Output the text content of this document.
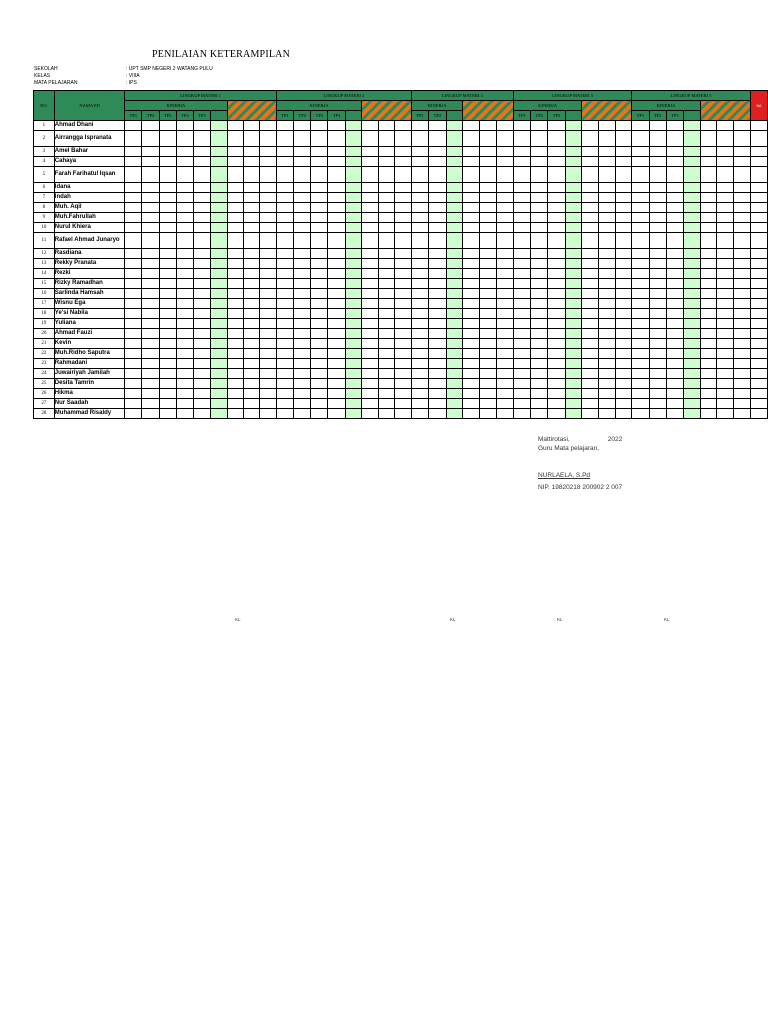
PENILAIAN KETERAMPILAN
SEKOLAH	: UPT SMP NEGERI 2 WATANG PULU
KELAS	: VIIIA
MATA PELAJARAN	: IPS
NO.	NAMA PD	LINGKUP MATERI 1									LINGKUP MATERI 2								LINGKUP MATERI 3						LINGKUP MATERI 5							LINGKUP MATERI 5							NA
		KINERJA									KINERJA								KINERJA						KINERJA							KINERJA							
		TP1	TP2	TP3	TP4	TP5					TP1	TP2	TP3	TP4					TP1	TP2					TP1	TP2	TP3					TP1	TP2	TP3					
1	Ahmad Dhani																																						
2	Airrangga Ispranata																																						
3	Amel Bahar																																						
4	Cahaya																																						
5	Farah Farihatul Iqsan																																						
6	Idana																																						
7	Indah																																						
8	Muh. Aqil																																						
9	Muh.Fahrullah																																						
10	Nurul Khiera																																						
11	Rafael Ahmad Junaryo																																						
12	Rasdiana																																						
13	Rekky Pranata																																						
14	Rezki																																						
15	Rizky Ramadhan																																						
16	Sarlinda Hamsah																																						
17	Wisnu Ega																																						
18	Ye'si Nabila																																						
19	Yuliana																																						
20	Ahmad Fauzi																																						
21	Kevin																																						
22	Muh.Ridho Saputra																																						
23	Rahmadani																																						
24	Juwairiyah Jamilah																																						
25	Desita Tamrin																																						
26	Hikma																																						
27	Nur Saadah																																						
28	Muhammad Risaldy																																						
Mattirotasi,	2022
Guru Mata pelajaran,
NURLAELA, S.Pd
NIP. 19820218 200902 2 007
KL	KL	KL	KL
